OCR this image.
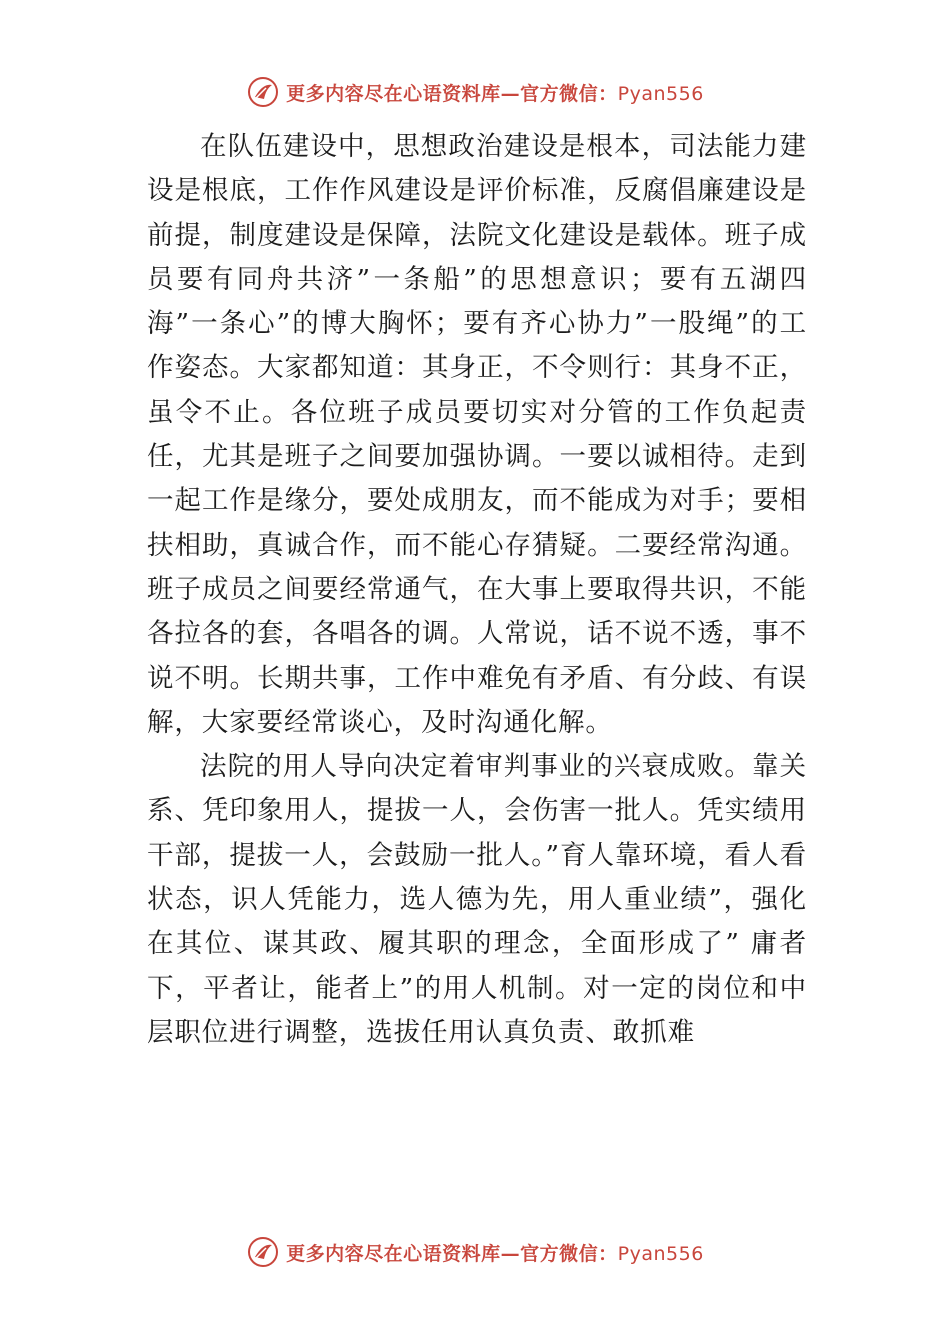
更多内容尽在心语资料库—官方微信：Pyan556

在队伍建设中，思想政治建设是根本，司法能力建设是根底，工作作风建设是评价标准，反腐倡廉建设是前提，制度建设是保障，法院文化建设是载体。班子成员要有同舟共济”一条船”的思想意识；要有五湖四海”一条心”的博大胸怀；要有齐心协力”一股绳”的工作姿态。大家都知道：其身正，不令则行：其身不正，虽令不止。各位班子成员要切实对分管的工作负起责任，尤其是班子之间要加强协调。一要以诚相待。走到一起工作是缘分，要处成朋友，而不能成为对手；要相扶相助，真诚合作，而不能心存猜疑。二要经常沟通。班子成员之间要经常通气，在大事上要取得共识，不能各拉各的套，各唱各的调。人常说，话不说不透，事不说不明。长期共事，工作中难免有矛盾、有分歧、有误解，大家要经常谈心，及时沟通化解。

法院的用人导向决定着审判事业的兴衰成败。靠关系、凭印象用人，提拔一人，会伤害一批人。凭实绩用干部，提拔一人，会鼓励一批人。”育人靠环境，看人看状态，识人凭能力，选人德为先，用人重业绩”，强化在其位、谋其政、履其职的理念，全面形成了” 庸者下，平者让，能者上”的用人机制。对一定的岗位和中层职位进行调整，选拔任用认真负责、敢抓难

更多内容尽在心语资料库—官方微信：Pyan556
